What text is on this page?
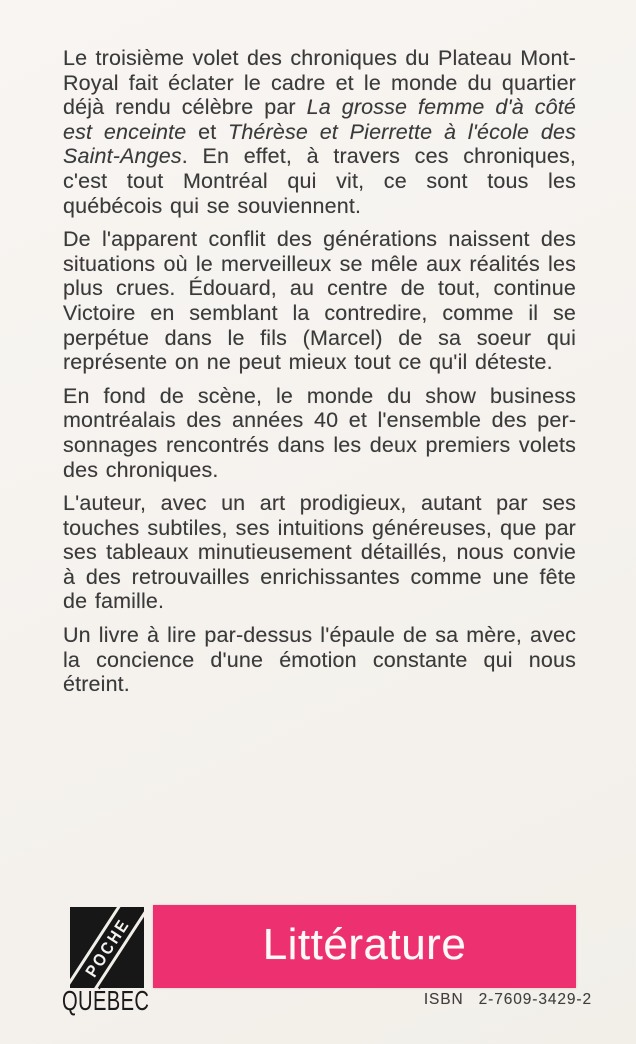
Le troisième volet des chroniques du Plateau Mont-Royal fait éclater le cadre et le monde du quartier déjà rendu célèbre par La grosse femme d'à côté est enceinte et Thérèse et Pierrette à l'école des Saint-Anges. En effet, à travers ces chroniques, c'est tout Montréal qui vit, ce sont tous les québécois qui se souviennent.

De l'apparent conflit des générations naissent des situations où le merveilleux se mêle aux réalités les plus crues. Édouard, au centre de tout, continue Victoire en semblant la contredire, comme il se perpétue dans le fils (Marcel) de sa soeur qui représente on ne peut mieux tout ce qu'il déteste.

En fond de scène, le monde du show business montréalais des années 40 et l'ensemble des personnages rencontrés dans les deux premiers volets des chroniques.

L'auteur, avec un art prodigieux, autant par ses touches subtiles, ses intuitions généreuses, que par ses tableaux minutieusement détaillés, nous convie à des retrouvailles enrichissantes comme une fête de famille.

Un livre à lire par-dessus l'épaule de sa mère, avec la concience d'une émotion constante qui nous étreint.

POCHE
QUÉBEC
Littérature
ISBN 2-7609-3429-2
